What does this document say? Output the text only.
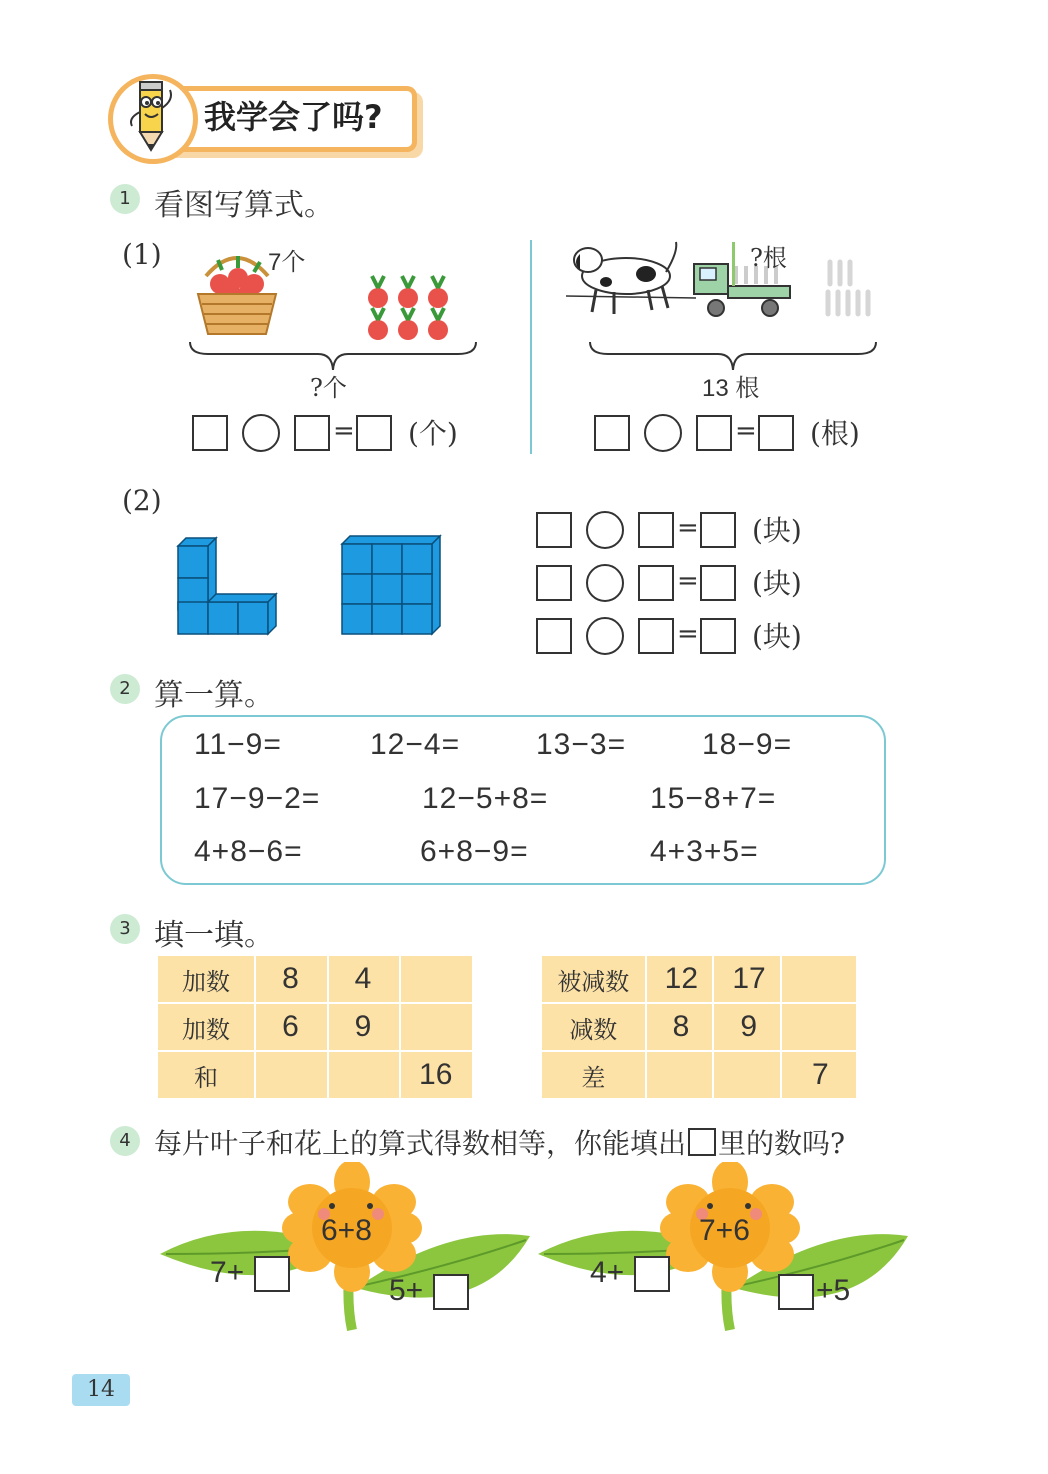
我学会了吗?
1 看图写算式。
(1)	7个
?个
= (个)
?根
13 根
= (根)
(2)
= (块)
= (块)
= (块)
2 算一算。
11−9=	12−4=	13−3=	18−9=
17−9−2=	12−5+8=	15−8+7=
4+8−6=	6+8−9=	4+3+5=
3 填一填。
加数	8	4	
加数	6	9	
和			16
被减数	12	17	
减数	8	9	
差			7
4 每片叶子和花上的算式得数相等，你能填出 里的数吗?
6+8
7+
5+
7+6
4+
+5
14
